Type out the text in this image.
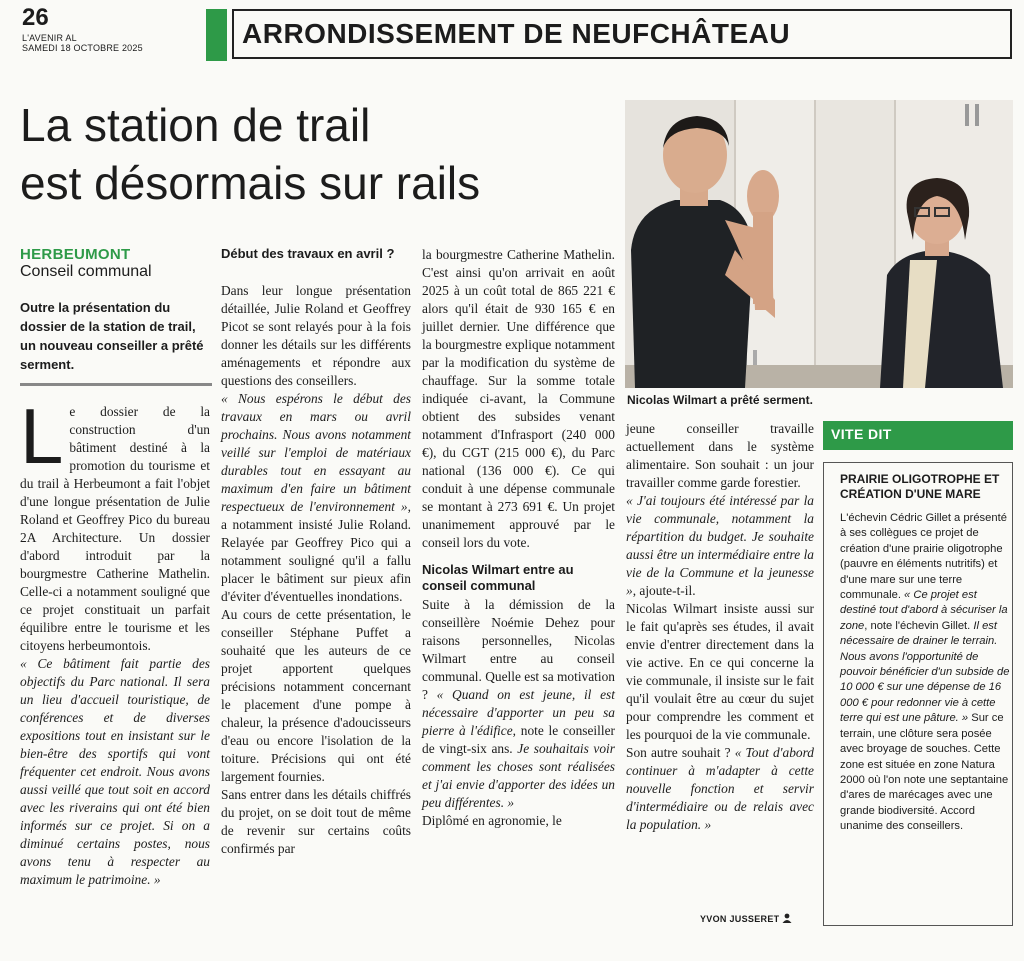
26
L'AVENIR AL
SAMEDI 18 OCTOBRE 2025	ARRONDISSEMENT DE NEUFCHÂTEAU
La station de trail
est désormais sur rails
HERBEUMONT
Conseil communal
Outre la présentation du dossier de la station de trail, un nouveau conseiller a prêté serment.

L e dossier de la construction d'un bâtiment destiné à la promotion du tourisme et du trail à Herbeumont a fait l'objet d'une longue présentation de Julie Roland et Geoffrey Pico du bureau 2A Architecture. Un dossier d'abord introduit par la bourgmestre Catherine Mathelin. Celle-ci a notamment souligné que ce projet constituait un parfait équilibre entre le tourisme et les citoyens herbeumontois.

« Ce bâtiment fait partie des objectifs du Parc national. Il sera un lieu d'accueil touristique, de conférences et de diverses expositions tout en insistant sur le bien-être des sportifs qui vont fréquenter cet endroit. Nous avons aussi veillé que tout soit en accord avec les riverains qui ont été bien informés sur ce projet. Si on a diminué certains postes, nous avons tenu à respecter au maximum le patrimoine. »

Début des travaux en avril ?

Dans leur longue présentation détaillée, Julie Roland et Geoffrey Picot se sont relayés pour à la fois donner les détails sur les différents aménagements et répondre aux questions des conseillers.

« Nous espérons le début des travaux en mars ou avril prochains. Nous avons notamment veillé sur l'emploi de matériaux durables tout en essayant au maximum d'en faire un bâtiment respectueux de l'environnement », a notamment insisté Julie Roland. Relayée par Geoffrey Pico qui a notamment souligné qu'il a fallu placer le bâtiment sur pieux afin d'éviter d'éventuelles inondations.

Au cours de cette présentation, le conseiller Stéphane Puffet a souhaité que les auteurs de ce projet apportent quelques précisions notamment concernant le placement d'une pompe à chaleur, la présence d'adoucisseurs d'eau ou encore l'isolation de la toiture. Précisions qui ont été largement fournies.

Sans entrer dans les détails chiffrés du projet, on se doit tout de même de revenir sur certains coûts confirmés par

la bourgmestre Catherine Mathelin. C'est ainsi qu'on arrivait en août 2025 à un coût total de 865 221 € alors qu'il était de 930 165 € en juillet dernier. Une différence que la bourgmestre explique notamment par la modification du système de chauffage. Sur la somme totale indiquée ci-avant, la Commune obtient des subsides venant notamment d'Infrasport (240 000 €), du CGT (215 000 €), du Parc national (136 000 €). Ce qui conduit à une dépense communale se montant à 273 691 €. Un projet unanimement approuvé par le conseil lors du vote.

Nicolas Wilmart entre au conseil communal

Suite à la démission de la conseillère Noémie Dehez pour raisons personnelles, Nicolas Wilmart entre au conseil communal. Quelle est sa motivation ? « Quand on est jeune, il est nécessaire d'apporter un peu sa pierre à l'édifice, note le conseiller de vingt-six ans. Je souhaitais voir comment les choses sont réalisées et j'ai envie d'apporter des idées un peu différentes. »

Diplômé en agronomie, le

Nicolas Wilmart a prêté serment.

jeune conseiller travaille actuellement dans le système alimentaire. Son souhait : un jour travailler comme garde forestier.

« J'ai toujours été intéressé par la vie communale, notamment la répartition du budget. Je souhaite aussi être un intermédiaire entre la vie de la Commune et la jeunesse », ajoute-t-il.

Nicolas Wilmart insiste aussi sur le fait qu'après ses études, il avait envie d'entrer directement dans la vie active. En ce qui concerne la vie communale, il insiste sur le fait qu'il voulait être au cœur du sujet pour comprendre les comment et les pourquoi de la vie communale.

Son autre souhait ? « Tout d'abord continuer à m'adapter à cette nouvelle fonction et servir d'intermédiaire ou de relais avec la population. »

YVON JUSSERET
VITE DIT
PRAIRIE OLIGOTROPHE ET CRÉATION D'UNE MARE
L'échevin Cédric Gillet a présenté à ses collègues ce projet de création d'une prairie oligotrophe (pauvre en éléments nutritifs) et d'une mare sur une terre communale. « Ce projet est destiné tout d'abord à sécuriser la zone, note l'échevin Gillet. Il est nécessaire de drainer le terrain. Nous avons l'opportunité de pouvoir bénéficier d'un subside de 10 000 € sur une dépense de 16 000 € pour redonner vie à cette terre qui est une pâture. » Sur ce terrain, une clôture sera posée avec broyage de souches. Cette zone est située en zone Natura 2000 où l'on note une septantaine d'ares de marécages avec une grande biodiversité. Accord unanime des conseillers.
